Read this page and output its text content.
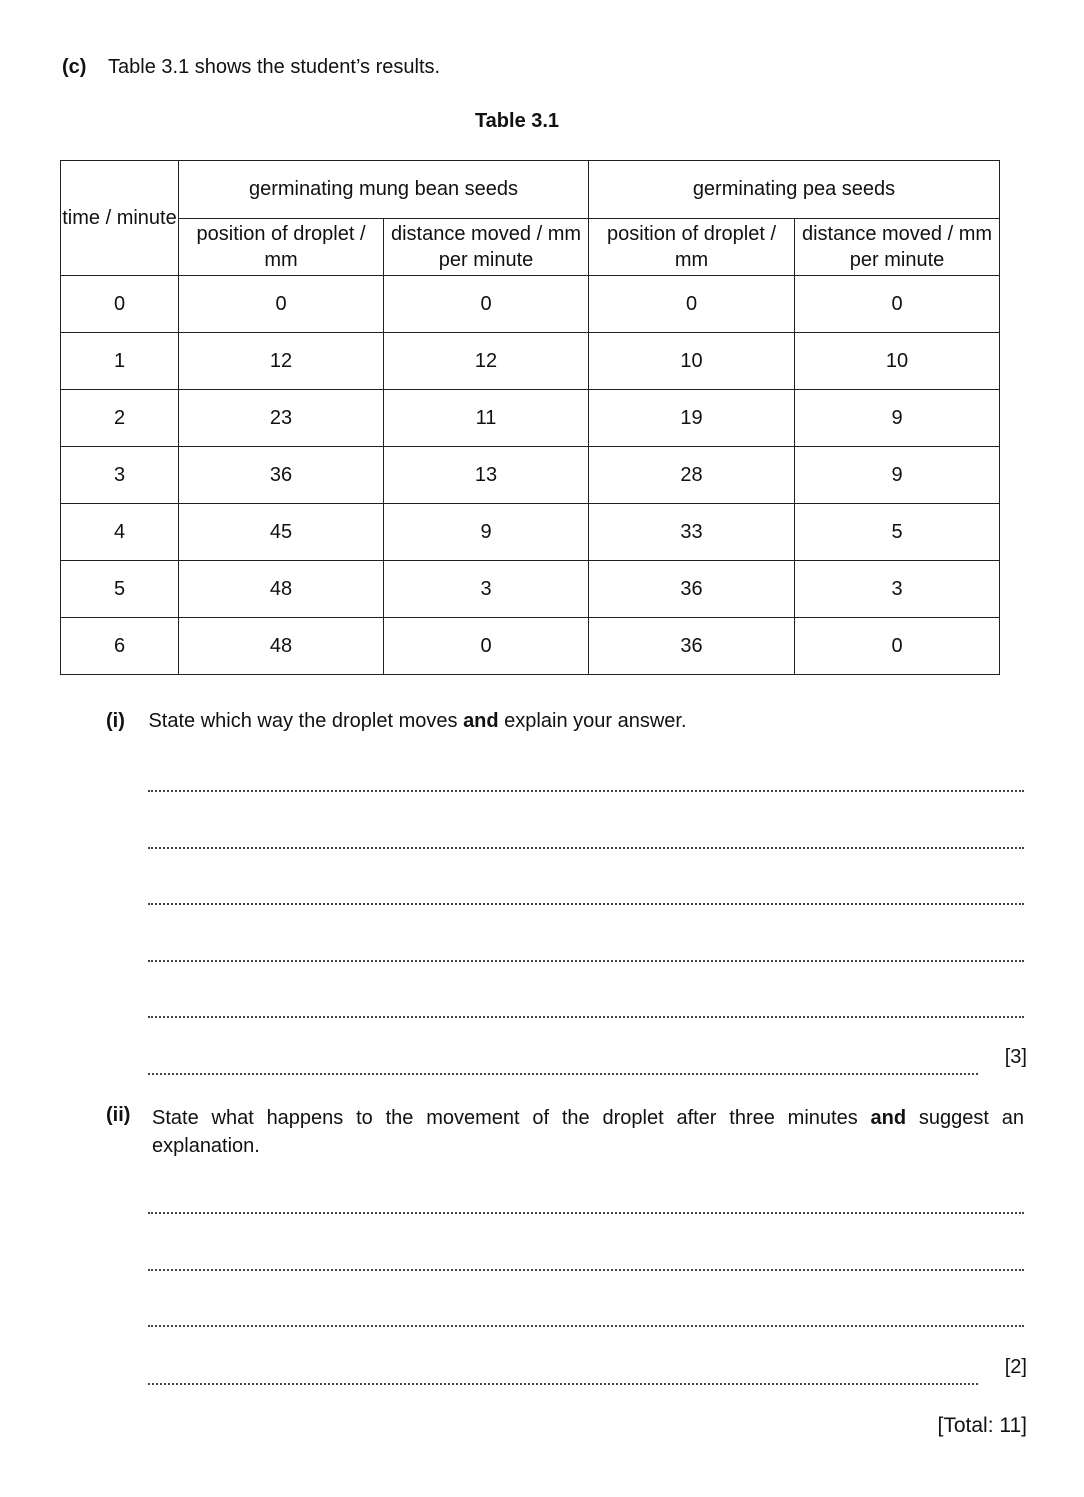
(c) Table 3.1 shows the student’s results.
Table 3.1
time / minute	germinating mung bean seeds		germinating pea seeds	
	position of droplet / mm	distance moved / mm per minute	position of droplet / mm	distance moved / mm per minute
0	0	0	0	0
1	12	12	10	10
2	23	11	19	9
3	36	13	28	9
4	45	9	33	5
5	48	3	36	3
6	48	0	36	0
(i) State which way the droplet moves and explain your answer.
[3]
(ii) State what happens to the movement of the droplet after three minutes and suggest an explanation.
[2]
[Total: 11]
